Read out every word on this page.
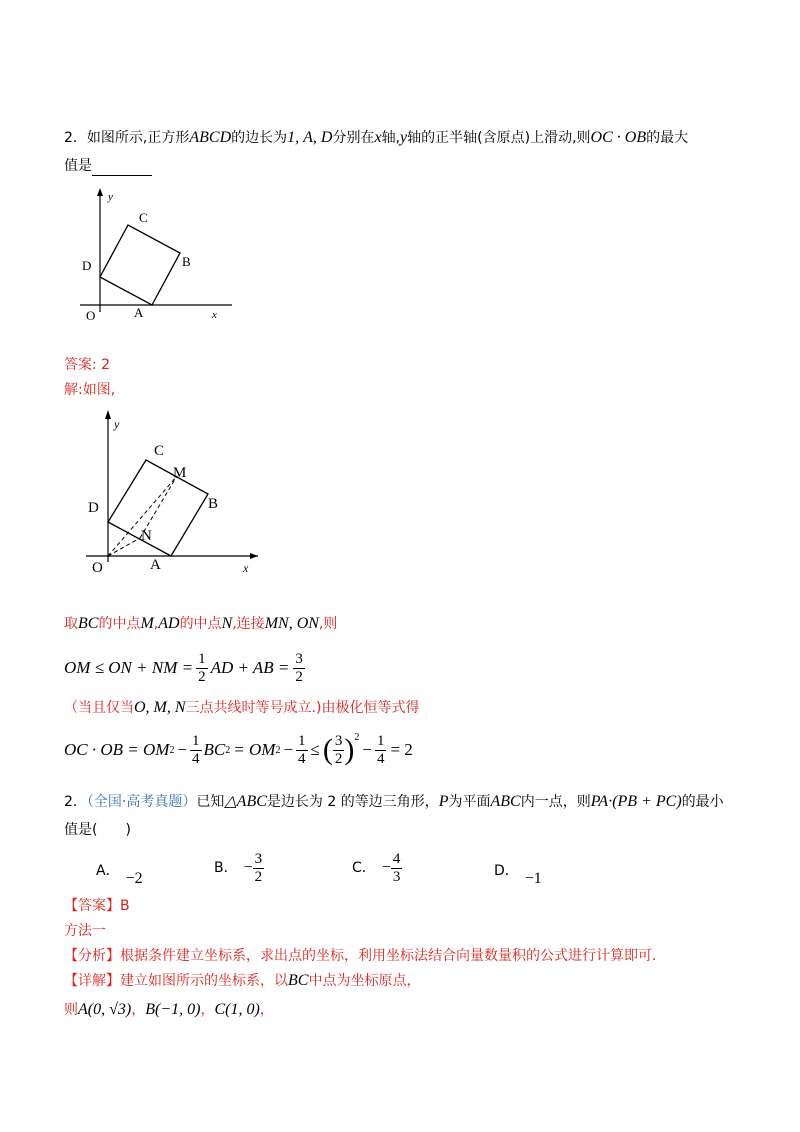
2．如图所示,正方形ABCD的边长为1, A, D分别在x轴,y轴的正半轴(含原点)上滑动,则OC · OB的最大
值是
y
x
O	A
B
C
D
答案: 2
解:如图,
y
x
O	A
B
C
D
M
N
取BC的中点M,AD的中点N,连接MN, ON,则
OM ≤ ON + NM = $\frac{1}{2}$ AD + AB = $\frac{3}{2}$
（当且仅当O, M, N三点共线时等号成立.)由极化恒等式得
OC · OB = OM $2 - \frac{1}{4}$ BC 2 = OM $2 - \frac{1}{4}$ ≤ ( $\frac{3}{2} )^2$
− $\frac{1}{4} = 2$
2．（全国·高考真题）已知△ABC是边长为 2 的等边三角形，P为平面ABC内一点，则PA·(PB + PC)的最小
值是(　　)
A． −2
B． − $\frac{3}{2}$	C． − $\frac{4}{3}$	D． −1
【答案】B
方法一
【分析】根据条件建立坐标系，求出点的坐标，利用坐标法结合向量数量积的公式进行计算即可.
【详解】建立如图所示的坐标系，以BC中点为坐标原点，
则A(0, √3)，B(−1, 0)，C(1, 0)，
